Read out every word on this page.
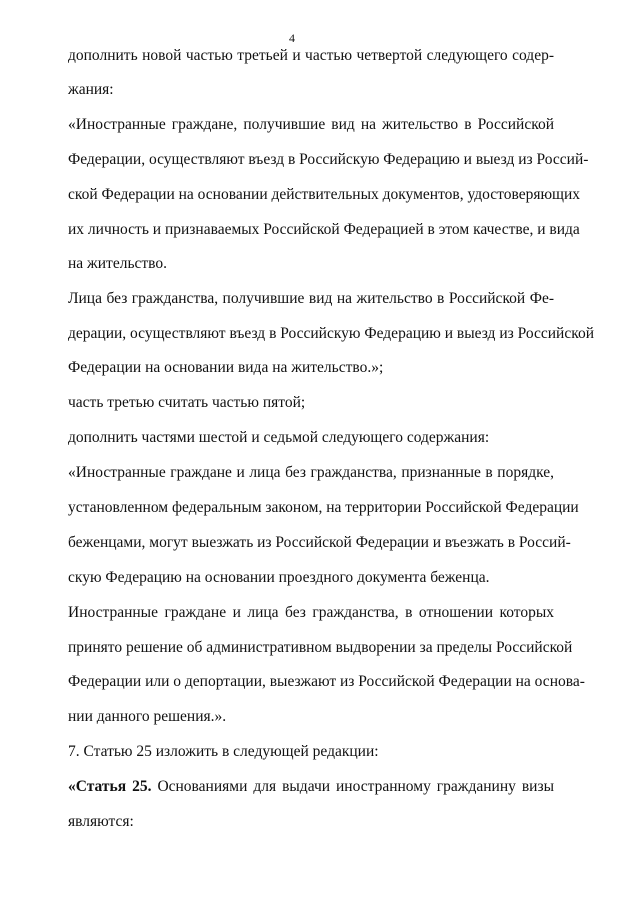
4
дополнить новой частью третьей и частью четвертой следующего содер-
жания:
«Иностранные граждане, получившие вид на жительство в Российской
Федерации, осуществляют въезд в Российскую Федерацию и выезд из Россий-
ской Федерации на основании действительных документов, удостоверяющих
их личность и признаваемых Российской Федерацией в этом качестве, и вида
на жительство.
Лица без гражданства, получившие вид на жительство в Российской Фе-
дерации, осуществляют въезд в Российскую Федерацию и выезд из Российской
Федерации на основании вида на жительство.»;
часть третью считать частью пятой;
дополнить частями шестой и седьмой следующего содержания:
«Иностранные граждане и лица без гражданства, признанные в порядке,
установленном федеральным законом, на территории Российской Федерации
беженцами, могут выезжать из Российской Федерации и въезжать в Россий-
скую Федерацию на основании проездного документа беженца.
Иностранные граждане и лица без гражданства, в отношении которых
принято решение об административном выдворении за пределы Российской
Федерации или о депортации, выезжают из Российской Федерации на основа-
нии данного решения.».
7. Статью 25 изложить в следующей редакции:
«Статья 25. Основаниями для выдачи иностранному гражданину визы
являются:
